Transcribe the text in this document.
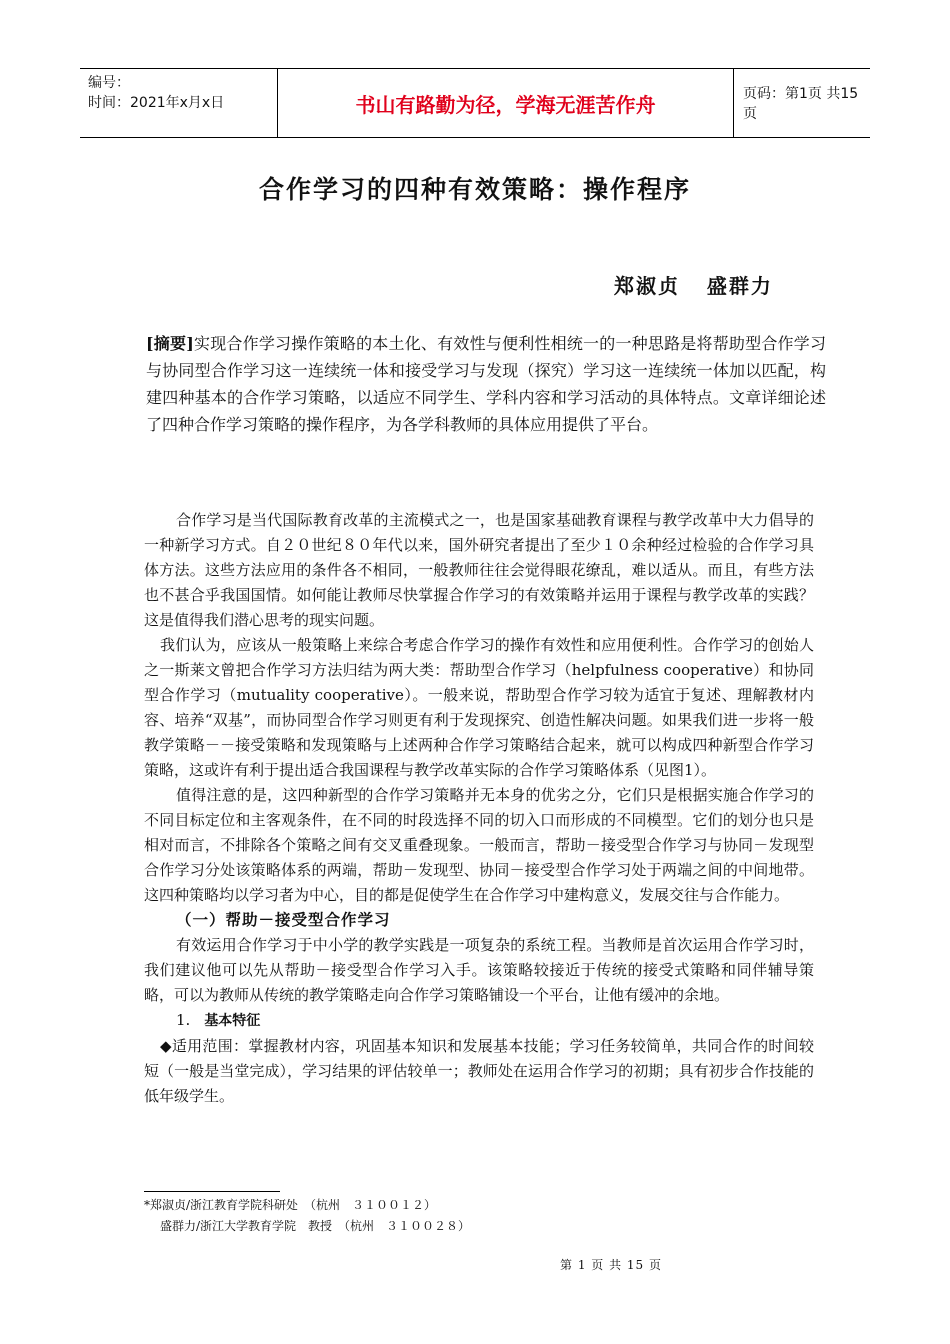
编号：
时间：2021年x月x日	书山有路勤为径，学海无涯苦作舟	页码：第1页 共15页
合作学习的四种有效策略：操作程序
郑淑贞   盛群力
[摘要]实现合作学习操作策略的本土化、有效性与便利性相统一的一种思路是将帮助型合作学习与协同型合作学习这一连续统一体和接受学习与发现（探究）学习这一连续统一体加以匹配，构建四种基本的合作学习策略，以适应不同学生、学科内容和学习活动的具体特点。文章详细论述了四种合作学习策略的操作程序，为各学科教师的具体应用提供了平台。

合作学习是当代国际教育改革的主流模式之一，也是国家基础教育课程与教学改革中大力倡导的一种新学习方式。自２０世纪８０年代以来，国外研究者提出了至少１０余种经过检验的合作学习具体方法。这些方法应用的条件各不相同，一般教师往往会觉得眼花缭乱，难以适从。而且，有些方法也不甚合乎我国国情。如何能让教师尽快掌握合作学习的有效策略并运用于课程与教学改革的实践？这是值得我们潜心思考的现实问题。

我们认为，应该从一般策略上来综合考虑合作学习的操作有效性和应用便利性。合作学习的创始人之一斯莱文曾把合作学习方法归结为两大类：帮助型合作学习（helpfulness cooperative）和协同型合作学习（mutuality cooperative）。一般来说，帮助型合作学习较为适宜于复述、理解教材内容、培养“双基”，而协同型合作学习则更有利于发现探究、创造性解决问题。如果我们进一步将一般教学策略－－接受策略和发现策略与上述两种合作学习策略结合起来，就可以构成四种新型合作学习策略，这或许有利于提出适合我国课程与教学改革实际的合作学习策略体系（见图1）。

值得注意的是，这四种新型的合作学习策略并无本身的优劣之分，它们只是根据实施合作学习的不同目标定位和主客观条件，在不同的时段选择不同的切入口而形成的不同模型。它们的划分也只是相对而言，不排除各个策略之间有交叉重叠现象。一般而言，帮助－接受型合作学习与协同－发现型合作学习分处该策略体系的两端，帮助－发现型、协同－接受型合作学习处于两端之间的中间地带。这四种策略均以学习者为中心，目的都是促使学生在合作学习中建构意义，发展交往与合作能力。

（一）帮助－接受型合作学习

有效运用合作学习于中小学的教学实践是一项复杂的系统工程。当教师是首次运用合作学习时，我们建议他可以先从帮助－接受型合作学习入手。该策略较接近于传统的接受式策略和同伴辅导策略，可以为教师从传统的教学策略走向合作学习策略铺设一个平台，让他有缓冲的余地。

1. 基本特征

◆适用范围：掌握教材内容，巩固基本知识和发展基本技能；学习任务较简单，共同合作的时间较短（一般是当堂完成），学习结果的评估较单一；教师处在运用合作学习的初期；具有初步合作技能的低年级学生。

*郑淑贞/浙江教育学院科研处　（杭州　３１００１２）
盛群力/浙江大学教育学院　教授　（杭州　３１００２８）
第 1 页 共 15 页
